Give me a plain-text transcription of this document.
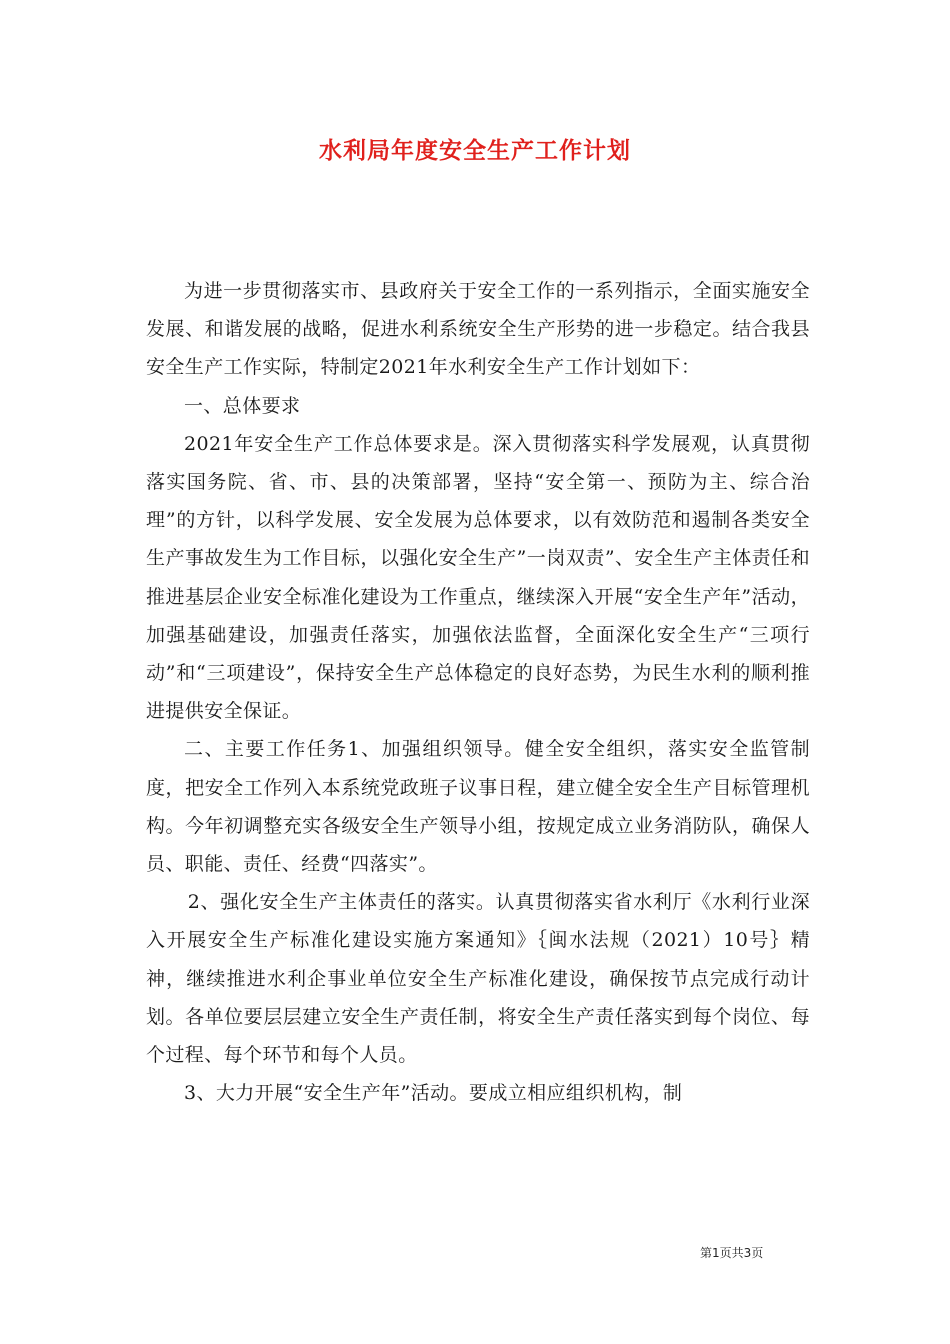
水利局年度安全生产工作计划

为进一步贯彻落实市、县政府关于安全工作的一系列指示，全面实施安全发展、和谐发展的战略，促进水利系统安全生产形势的进一步稳定。结合我县安全生产工作实际，特制定2021年水利安全生产工作计划如下：

一、总体要求

2021年安全生产工作总体要求是。深入贯彻落实科学发展观，认真贯彻落实国务院、省、市、县的决策部署，坚持“安全第一、预防为主、综合治理”的方针，以科学发展、安全发展为总体要求，以有效防范和遏制各类安全生产事故发生为工作目标，以强化安全生产”一岗双责”、安全生产主体责任和推进基层企业安全标准化建设为工作重点，继续深入开展“安全生产年”活动，加强基础建设，加强责任落实，加强依法监督，全面深化安全生产“三项行动”和“三项建设”，保持安全生产总体稳定的良好态势，为民生水利的顺利推进提供安全保证。

二、主要工作任务1、加强组织领导。健全安全组织，落实安全监管制度，把安全工作列入本系统党政班子议事日程，建立健全安全生产目标管理机构。今年初调整充实各级安全生产领导小组，按规定成立业务消防队，确保人员、职能、责任、经费“四落实”。

2、强化安全生产主体责任的落实。认真贯彻落实省水利厅《水利行业深入开展安全生产标准化建设实施方案通知》｛闽水法规（2021）10号｝精神，继续推进水利企事业单位安全生产标准化建设，确保按节点完成行动计划。各单位要层层建立安全生产责任制，将安全生产责任落实到每个岗位、每个过程、每个环节和每个人员。

3、大力开展“安全生产年”活动。要成立相应组织机构，制

第1页共3页
